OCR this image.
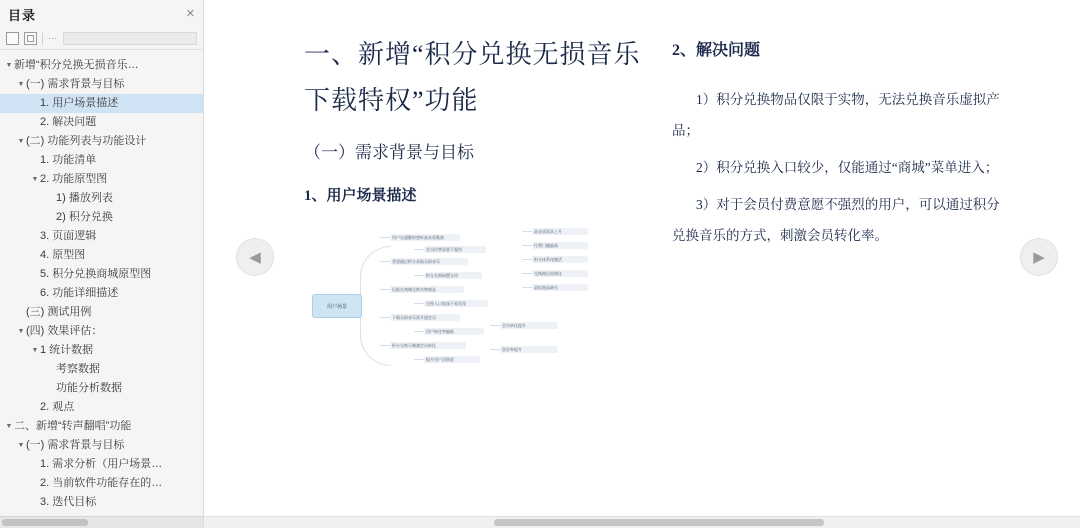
目录	✕
⋯
▼ 新增“积分兑换无损音乐…
▼ (一) 需求背景与目标
1. 用户场景描述
2. 解决问题
▼ (二) 功能列表与功能设计
1. 功能清单
▼ 2. 功能原型图
1) 播放列表
2) 积分兑换
3. 页面逻辑
4. 原型图
5. 积分兑换商城原型图
6. 功能详细描述
(三) 测试用例
▼ (四) 效果评估：
▼ 1 统计数据
考察数据
功能分析数据
2. 观点
▼ 二、新增“转声翻唱”功能
▼ (一) 需求背景与目标
1. 需求分析（用户场景…
2. 当前软件功能存在的…
3. 迭代目标
◀	▶
一、新增“积分兑换无损音乐下载特权”功能
（一）需求背景与目标
1、用户场景描述
用户场景
用户在通勤时想听高音质歌曲
会员付费意愿不强烈
希望通过积分获取无损音乐
积分长期闲置无用
仅能在商城兑换实物商品
兑换入口较深不易发现
下载无损音乐需开通会员
用户转化率偏低
积分兑换可刺激会员转化
提升用户活跃度
高音质需求上升
付费门槛偏高
积分体系待激活
兑换路径需简化
虚拟商品缺失
会员转化提升
留存率提升
2、解决问题
1）积分兑换物品仅限于实物，无法兑换音乐虚拟产品；
2）积分兑换入口较少，仅能通过“商城”菜单进入；
3）对于会员付费意愿不强烈的用户，可以通过积分兑换音乐的方式，刺激会员转化率。
